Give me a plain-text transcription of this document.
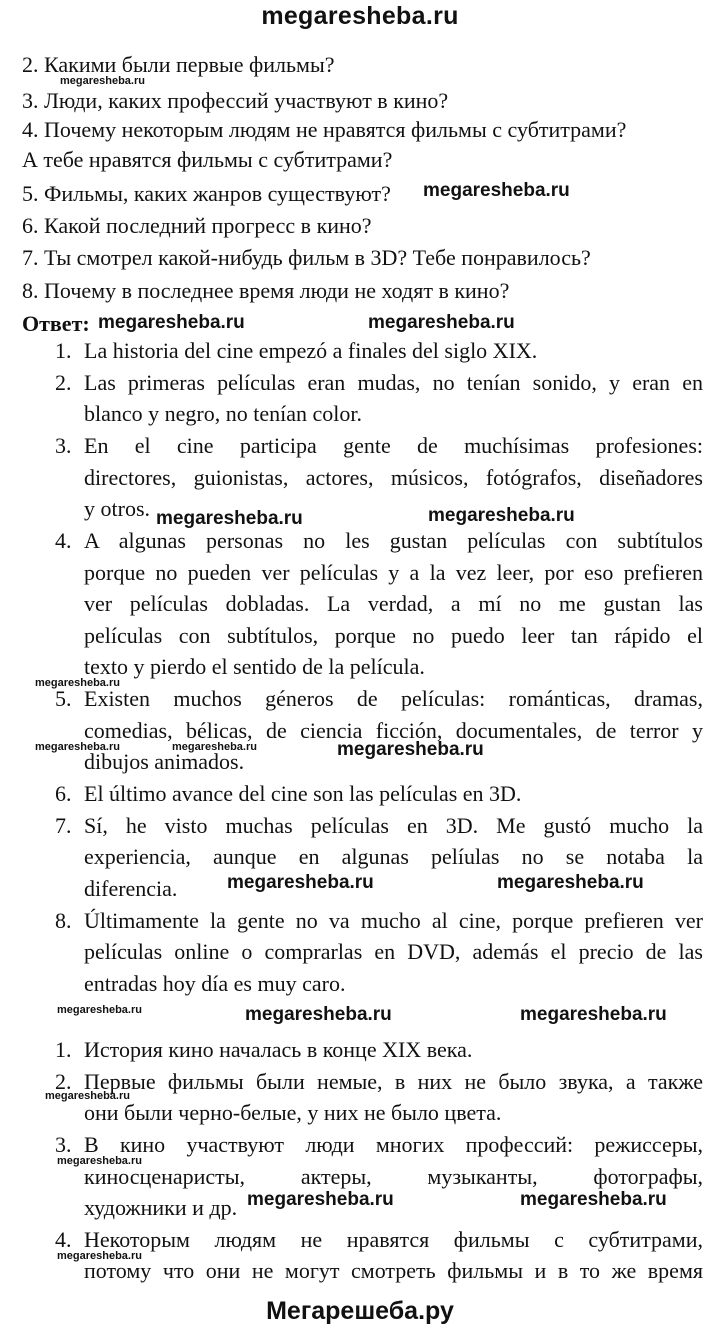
megaresheba.ru
2. Какими были первые фильмы?
3. Люди, каких профессий участвуют в кино?
4. Почему некоторым людям не нравятся фильмы с субтитрами?
А тебе нравятся фильмы с субтитрами?
5. Фильмы, каких жанров существуют?
6. Какой последний прогресс в кино?
7. Ты смотрел какой-нибудь фильм в 3D? Тебе понравилось?
8. Почему в последнее время люди не ходят в кино?
Ответ:
1. La historia del cine empezó a finales del siglo XIX.
2. Las primeras películas eran mudas, no tenían sonido, y eran en
blanco y negro, no tenían color.
3. En el cine participa gente de muchísimas profesiones:
directores, guionistas, actores, músicos, fotógrafos, diseñadores
y otros.
4. A algunas personas no les gustan películas con subtítulos
porque no pueden ver películas y a la vez leer, por eso prefieren
ver películas dobladas. La verdad, a mí no me gustan las
películas con subtítulos, porque no puedo leer tan rápido el
texto y pierdo el sentido de la película.
5. Existen muchos géneros de películas: románticas, dramas,
comedias, bélicas, de ciencia ficción, documentales, de terror y
dibujos animados.
6. El último avance del cine son las películas en 3D.
7. Sí, he visto muchas películas en 3D. Me gustó mucho la
experiencia, aunque en algunas pelíulas no se notaba la
diferencia.
8. Últimamente la gente no va mucho al cine, porque prefieren ver
películas online o comprarlas en DVD, además el precio de las
entradas hoy día es muy caro.
1. История кино началась в конце XIX века.
2. Первые фильмы были немые, в них не было звука, а также
они были черно-белые, у них не было цвета.
3. В кино участвуют люди многих профессий: режиссеры,
киносценаристы, актеры, музыканты, фотографы,
художники и др.
4. Некоторым людям не нравятся фильмы с субтитрами,
потому что они не могут смотреть фильмы и в то же время
megaresheba.ru
megaresheba.ru
megaresheba.ru	megaresheba.ru
megaresheba.ru	megaresheba.ru
megaresheba.ru
megaresheba.ru	megaresheba.ru	megaresheba.ru
megaresheba.ru	megaresheba.ru
megaresheba.ru	megaresheba.ru	megaresheba.ru
megaresheba.ru
megaresheba.ru
megaresheba.ru	megaresheba.ru
megaresheba.ru
Мегарешеба.ру
